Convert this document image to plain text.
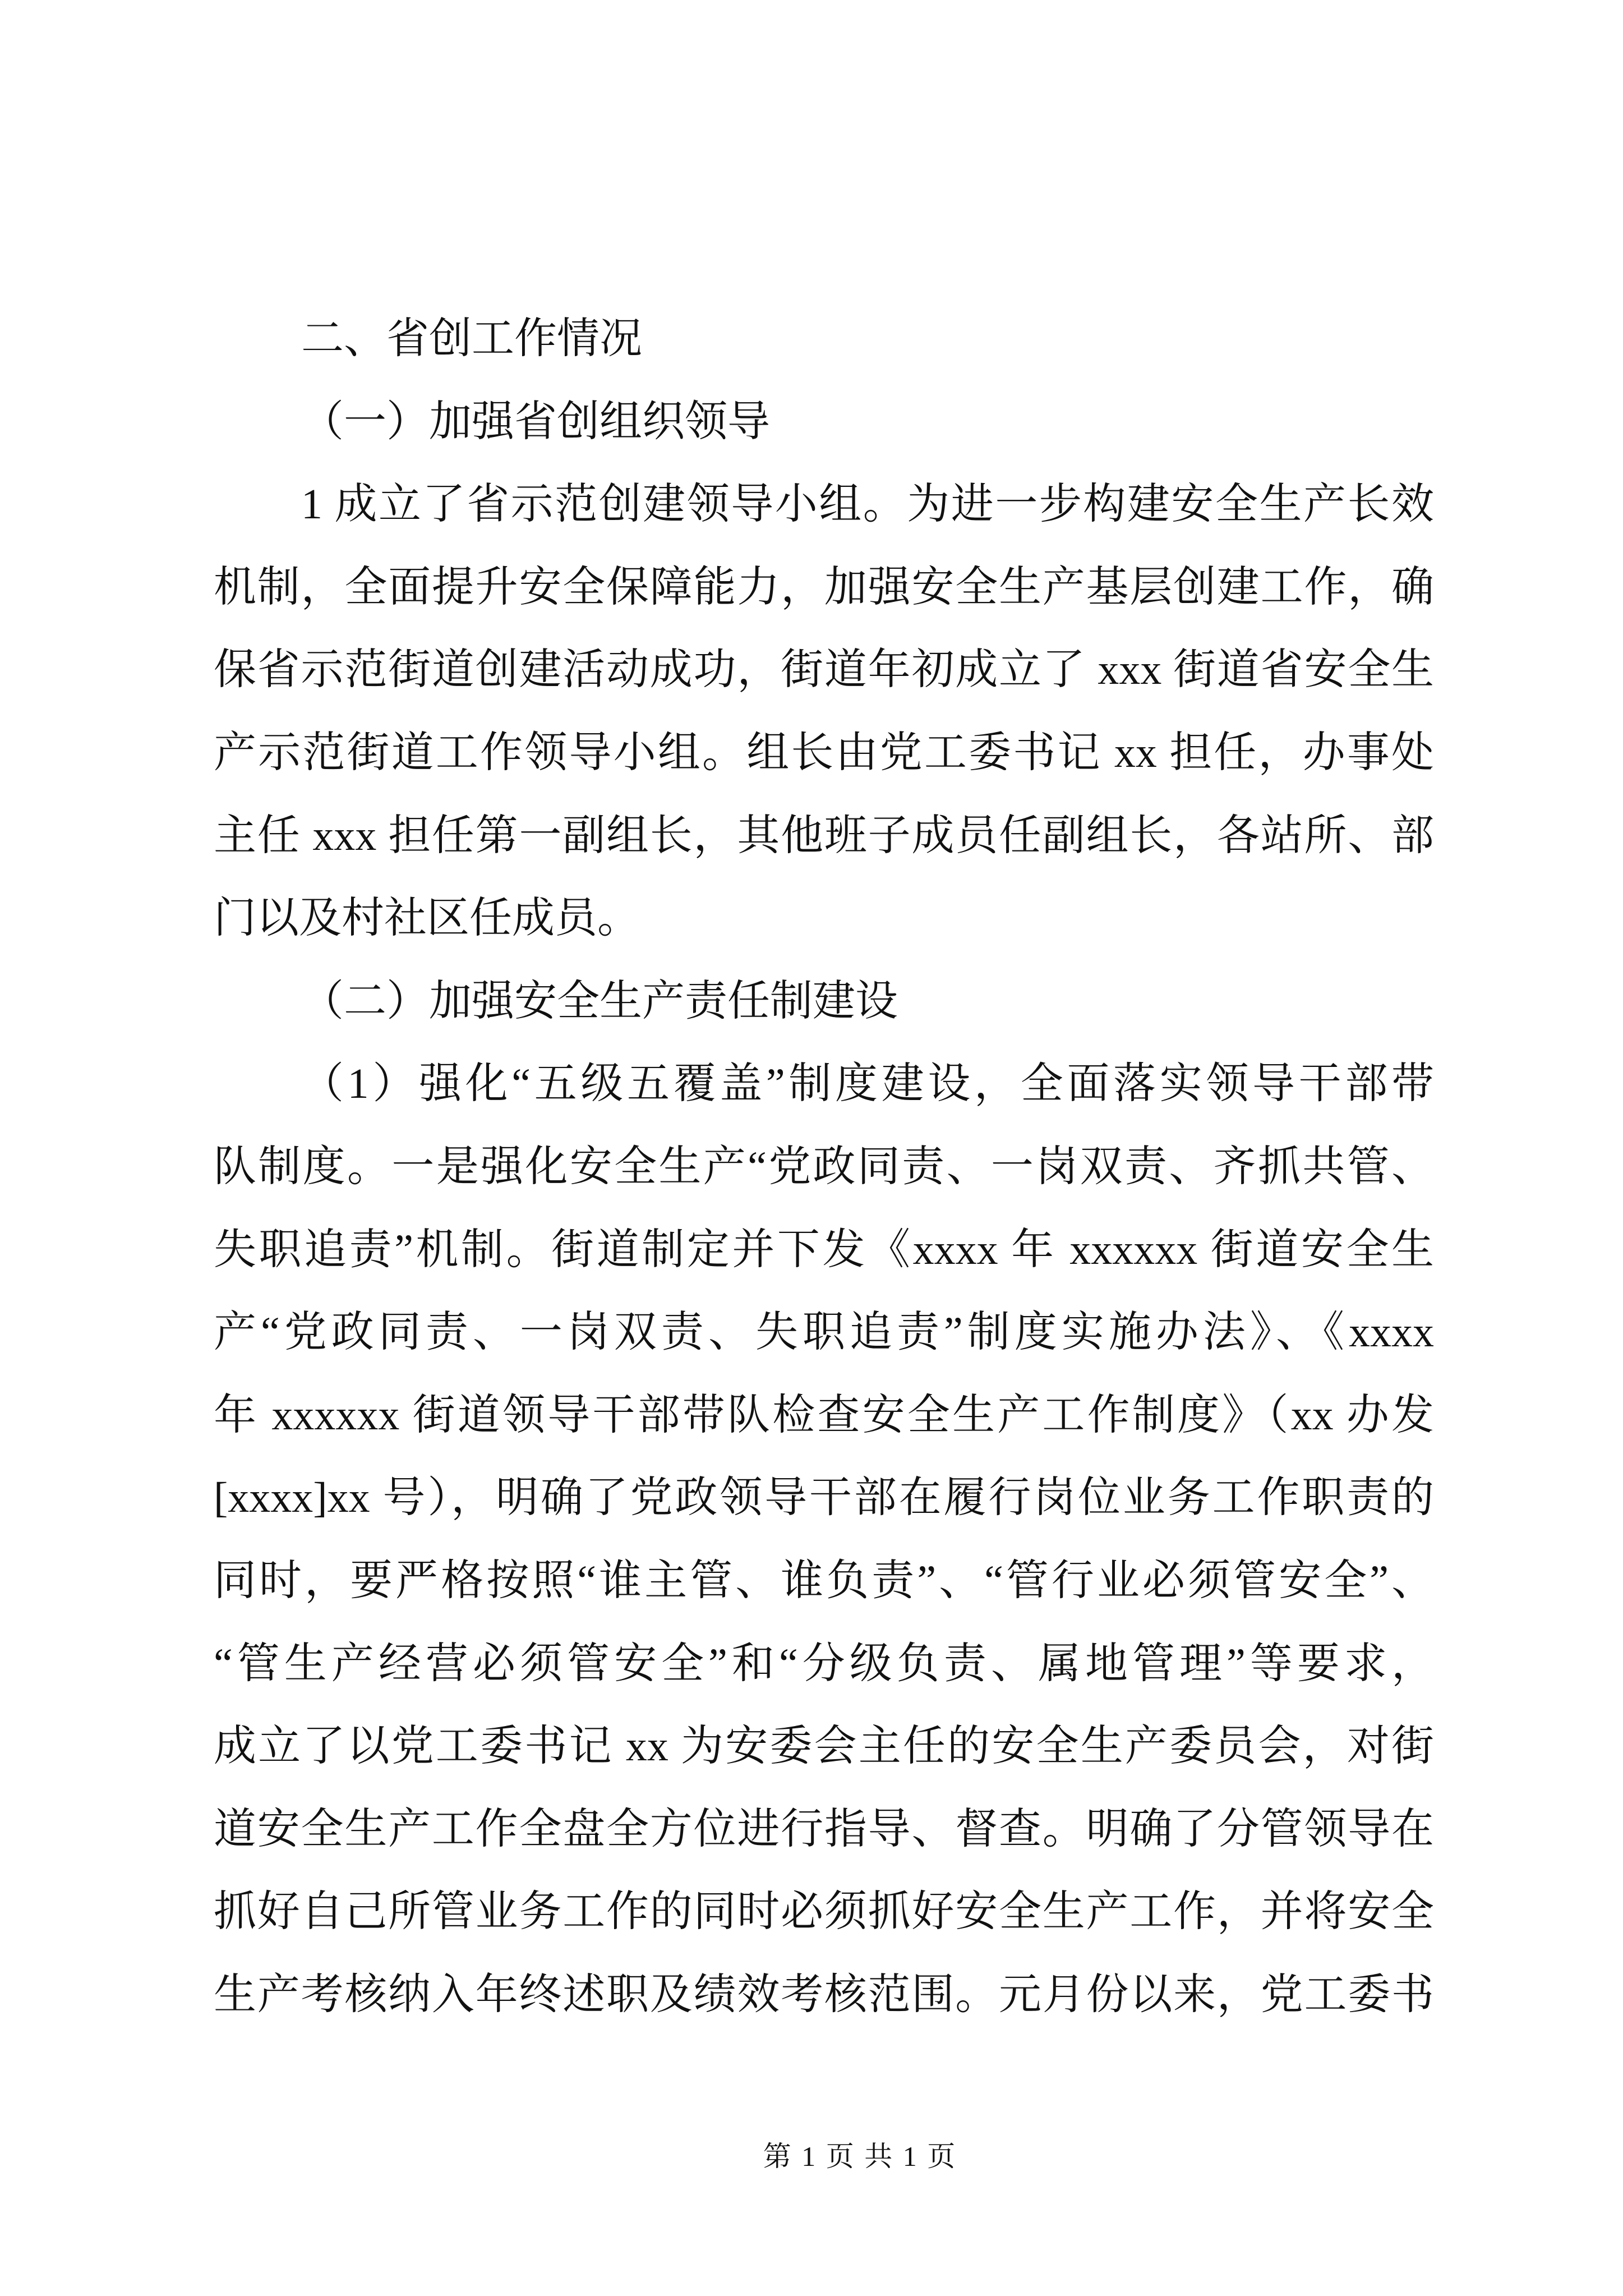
二、省创工作情况
（一）加强省创组织领导
1 成立了省示范创建领导小组。为进一步构建安全生产长效
机制，全面提升安全保障能力，加强安全生产基层创建工作，确
保省示范街道创建活动成功，街道年初成立了 xxx 街道省安全生
产示范街道工作领导小组。组长由党工委书记 xx 担任，办事处
主任 xxx 担任第一副组长，其他班子成员任副组长，各站所、部
门以及村社区任成员。
（二）加强安全生产责任制建设
（1）强化“五级五覆盖”制度建设，全面落实领导干部带
队制度。一是强化安全生产“党政同责、一岗双责、齐抓共管、
失职追责”机制。街道制定并下发《xxxx 年 xxxxxx 街道安全生
产“党政同责、一岗双责、失职追责”制度实施办法》、《xxxx
年 xxxxxx 街道领导干部带队检查安全生产工作制度》（xx 办发
[xxxx]xx 号），明确了党政领导干部在履行岗位业务工作职责的
同时，要严格按照“谁主管、谁负责”、“管行业必须管安全”、
“管生产经营必须管安全”和“分级负责、属地管理”等要求，
成立了以党工委书记 xx 为安委会主任的安全生产委员会，对街
道安全生产工作全盘全方位进行指导、督查。明确了分管领导在
抓好自己所管业务工作的同时必须抓好安全生产工作，并将安全
生产考核纳入年终述职及绩效考核范围。元月份以来，党工委书
第 1 页 共 1 页
